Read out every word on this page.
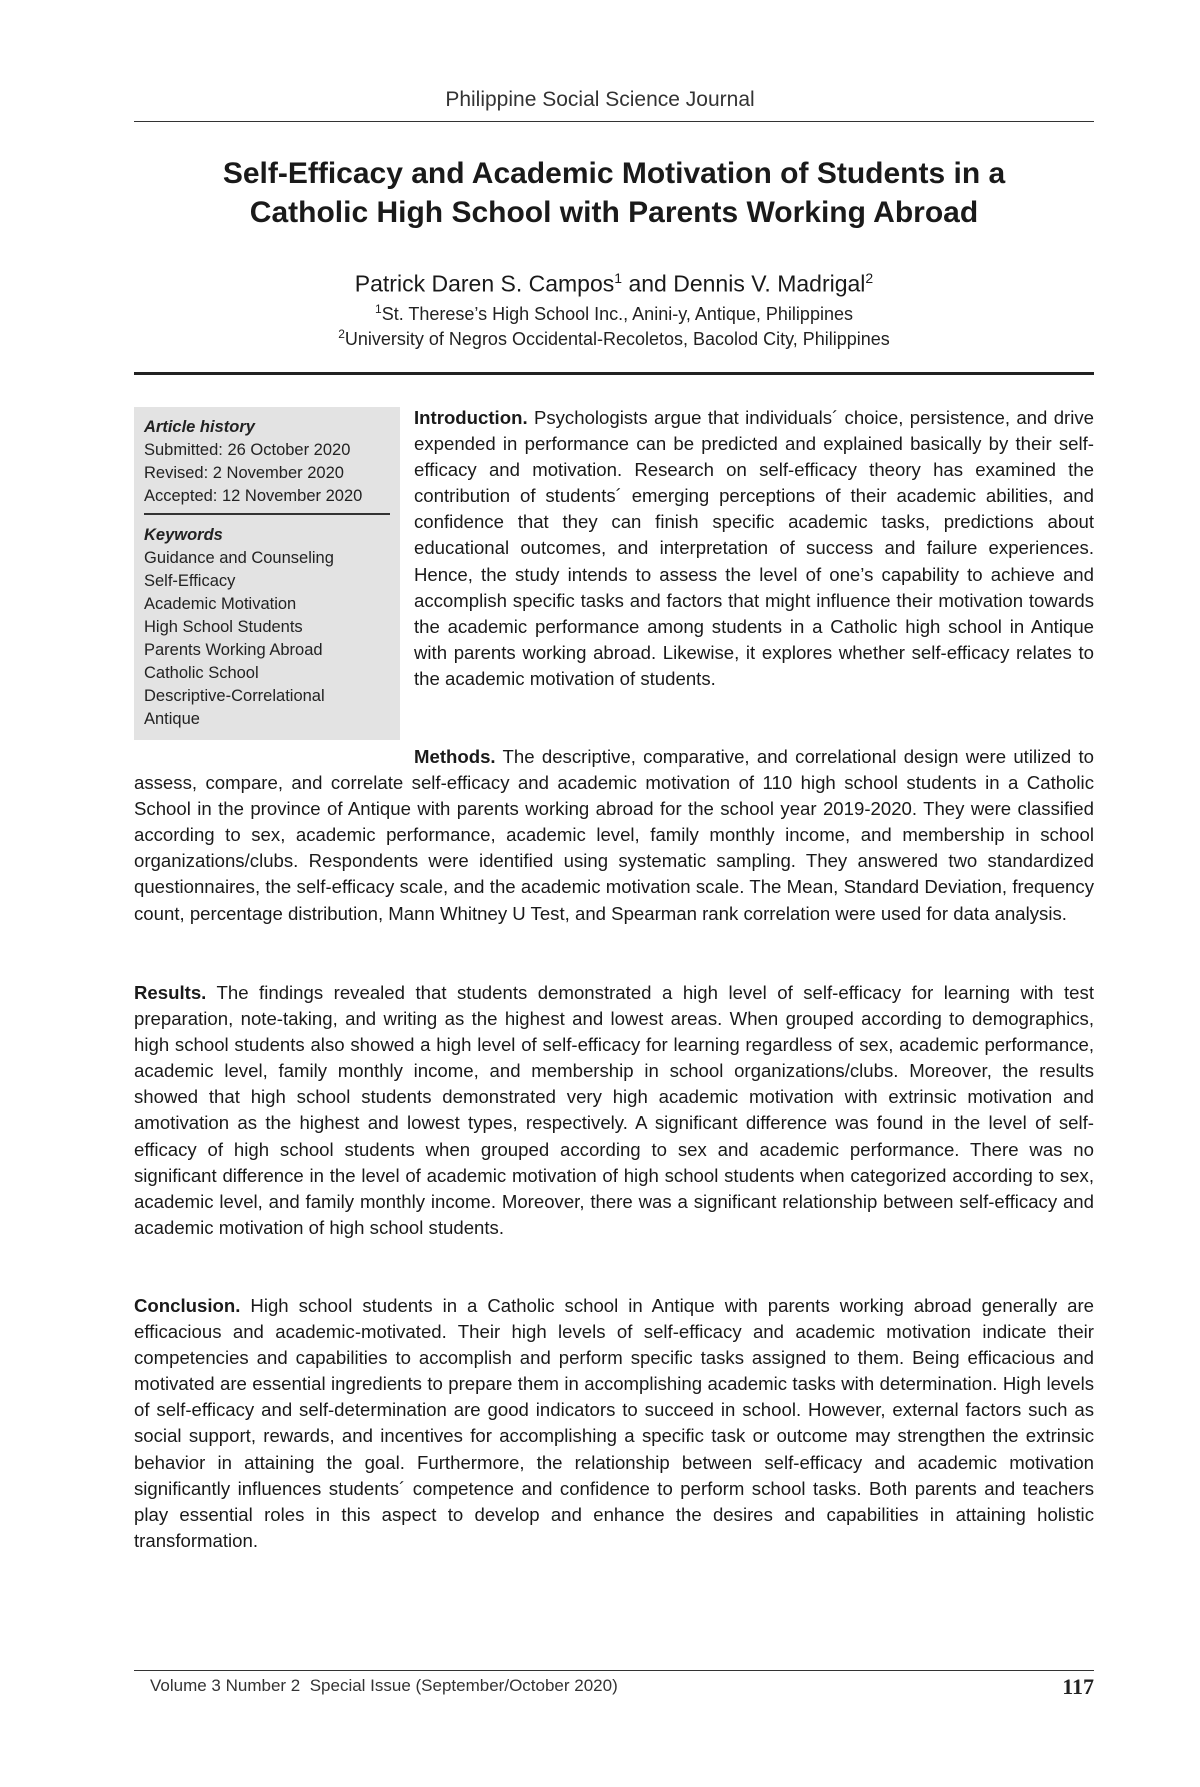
Philippine Social Science Journal
Self-Efficacy and Academic Motivation of Students in a
Catholic High School with Parents Working Abroad
Patrick Daren S. Campos$^1$ and Dennis V. Madrigal$^2$
$^1$St. Therese’s High School Inc., Anini-y, Antique, Philippines
$^2$University of Negros Occidental-Recoletos, Bacolod City, Philippines
Article history
Submitted: 26 October 2020
Revised: 2 November 2020
Accepted: 12 November 2020
Keywords
Guidance and Counseling
Self-Efficacy
Academic Motivation
High School Students
Parents Working Abroad
Catholic School
Descriptive-Correlational
Antique
Introduction. Psychologists argue that individuals´ choice, persistence, and drive expended in performance can be predicted and explained basically by their self-efficacy and motivation. Research on self-efficacy theory has examined the contribution of students´ emerging perceptions of their academic abilities, and confidence that they can finish specific academic tasks, predictions about educational outcomes, and interpretation of success and failure experiences. Hence, the study intends to assess the level of one’s capability to achieve and accomplish specific tasks and factors that might influence their motivation towards the academic performance among students in a Catholic high school in Antique with parents working abroad. Likewise, it explores whether self-efficacy relates to the academic motivation of students.
Methods. The descriptive, comparative, and correlational design were utilized to assess, compare, and correlate self-efficacy and academic motivation of 110 high school students in a Catholic School in the province of Antique with parents working abroad for the school year 2019-2020. They were classified according to sex, academic performance, academic level, family monthly income, and membership in school organizations/clubs. Respondents were identified using systematic sampling. They answered two standardized questionnaires, the self-efficacy scale, and the academic motivation scale. The Mean, Standard Deviation, frequency count, percentage distribution, Mann Whitney U Test, and Spearman rank correlation were used for data analysis.
Results. The findings revealed that students demonstrated a high level of self-efficacy for learning with test preparation, note-taking, and writing as the highest and lowest areas. When grouped according to demographics, high school students also showed a high level of self-efficacy for learning regardless of sex, academic performance, academic level, family monthly income, and membership in school organizations/clubs. Moreover, the results showed that high school students demonstrated very high academic motivation with extrinsic motivation and amotivation as the highest and lowest types, respectively. A significant difference was found in the level of self-efficacy of high school students when grouped according to sex and academic performance. There was no significant difference in the level of academic motivation of high school students when categorized according to sex, academic level, and family monthly income. Moreover, there was a significant relationship between self-efficacy and academic motivation of high school students.
Conclusion. High school students in a Catholic school in Antique with parents working abroad generally are efficacious and academic-motivated. Their high levels of self-efficacy and academic motivation indicate their competencies and capabilities to accomplish and perform specific tasks assigned to them. Being efficacious and motivated are essential ingredients to prepare them in accomplishing academic tasks with determination. High levels of self-efficacy and self-determination are good indicators to succeed in school. However, external factors such as social support, rewards, and incentives for accomplishing a specific task or outcome may strengthen the extrinsic behavior in attaining the goal. Furthermore, the relationship between self-efficacy and academic motivation significantly influences students´ competence and confidence to perform school tasks. Both parents and teachers play essential roles in this aspect to develop and enhance the desires and capabilities in attaining holistic transformation.
Volume 3 Number 2  Special Issue (September/October 2020)	117
